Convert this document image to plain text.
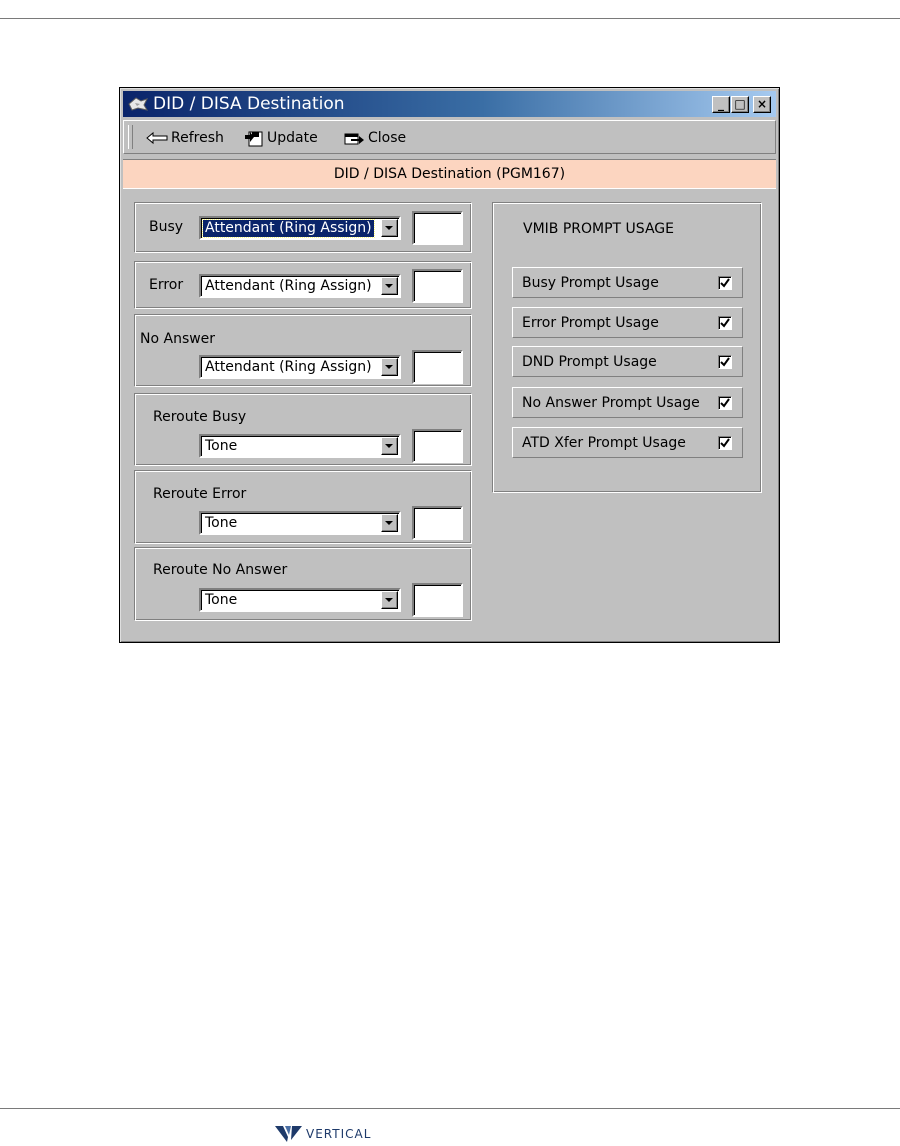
DID / DISA Destination	_ □ ×
Refresh	Update	Close
DID / DISA Destination (PGM167)
Busy Attendant (Ring Assign)
Error Attendant (Ring Assign)
No Answer
Attendant (Ring Assign)
Reroute Busy
Tone
Reroute Error
Tone
Reroute No Answer
Tone
VMIB PROMPT USAGE
Busy Prompt Usage
Error Prompt Usage
DND Prompt Usage
No Answer Prompt Usage
ATD Xfer Prompt Usage
VERTICAL
